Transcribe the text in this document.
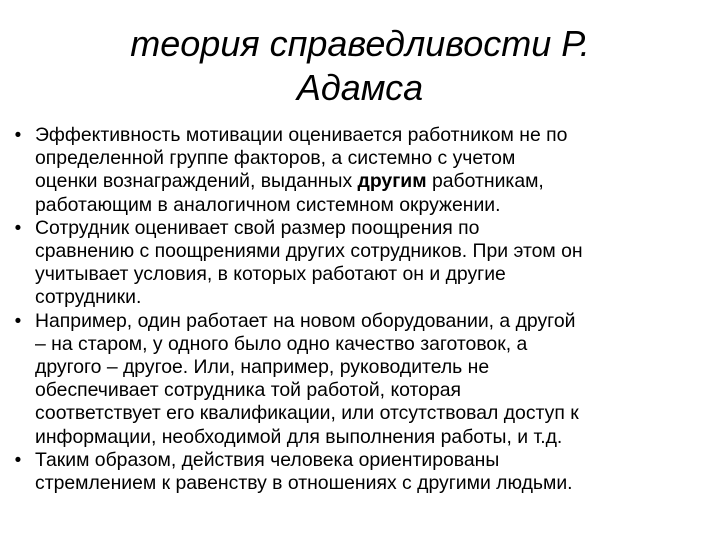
теория справедливости Р.
Адамса
• Эффективность мотивации оценивается работником не по
определенной группе факторов, а системно с учетом
оценки вознаграждений, выданных другим работникам,
работающим в аналогичном системном окружении.
• Сотрудник оценивает свой размер поощрения по
сравнению с поощрениями других сотрудников. При этом он
учитывает условия, в которых работают он и другие
сотрудники.
• Например, один работает на новом оборудовании, а другой
– на старом, у одного было одно качество заготовок, а
другого – другое. Или, например, руководитель не
обеспечивает сотрудника той работой, которая
соответствует его квалификации, или отсутствовал доступ к
информации, необходимой для выполнения работы, и т.д.
• Таким образом, действия человека ориентированы
стремлением к равенству в отношениях с другими людьми.
